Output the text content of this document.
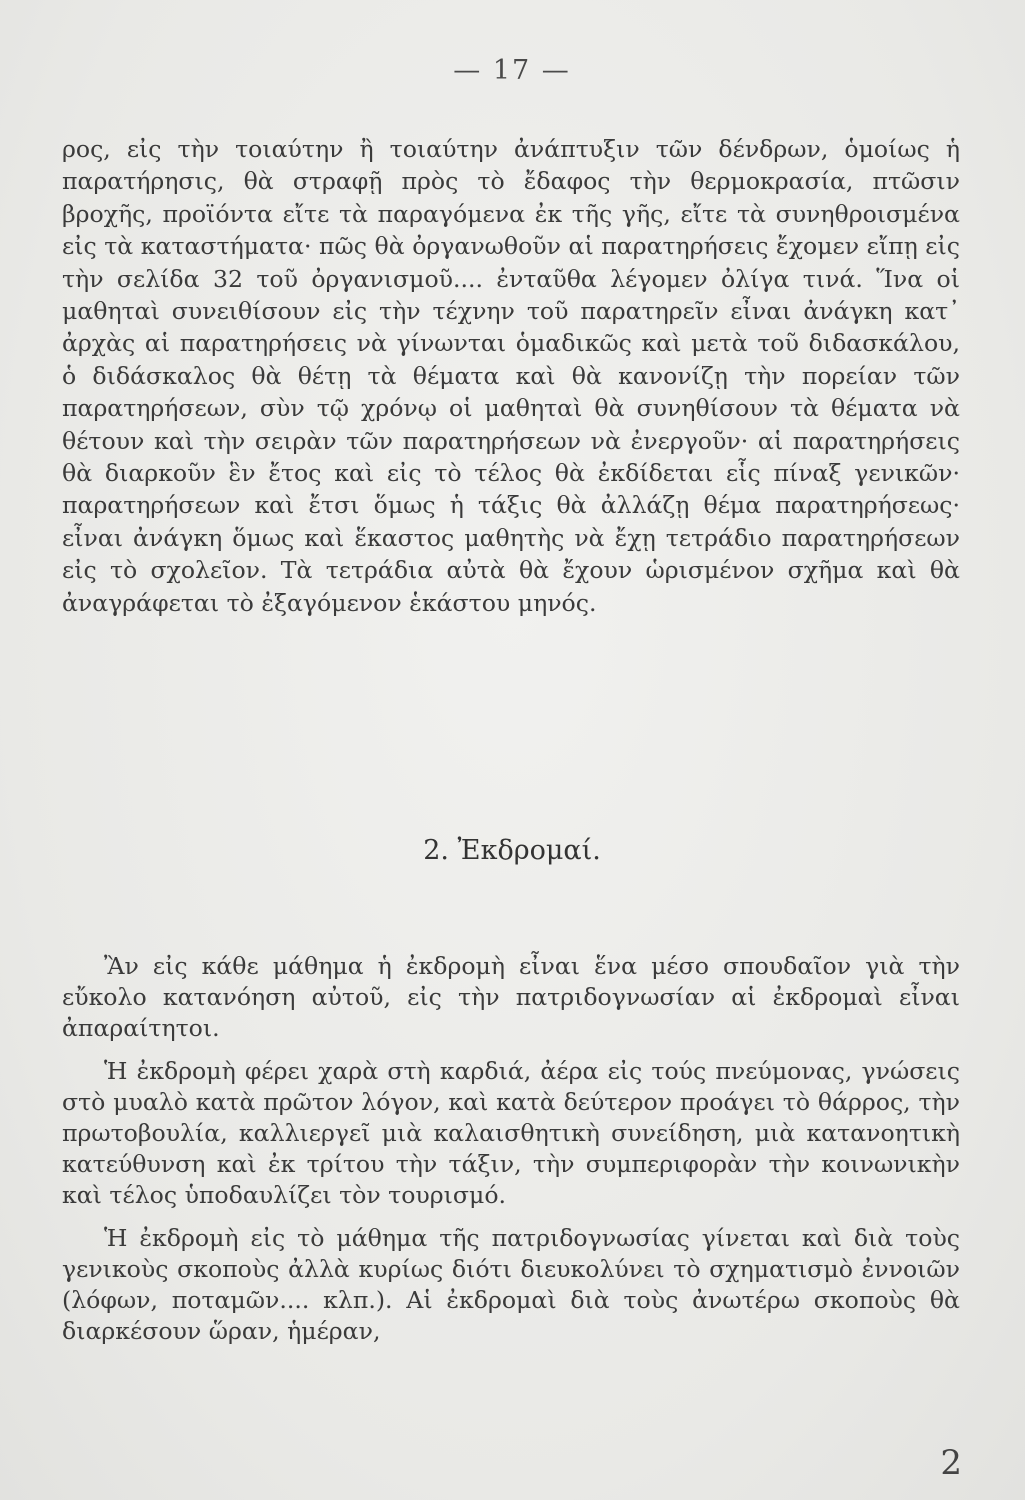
— 17 —

ρος, εἰς τὴν τοιαύτην ἢ τοιαύτην ἀνάπτυξιν τῶν δένδρων, ὁμοίως ἡ παρατήρησις, θὰ στραφῇ πρὸς τὸ ἔδαφος τὴν θερμοκρασία, πτῶσιν βροχῆς, προϊόντα εἴτε τὰ παραγόμενα ἐκ τῆς γῆς, εἴτε τὰ συνηθροισμένα εἰς τὰ καταστήματα· πῶς θὰ ὀργανωθοῦν αἱ παρατηρήσεις ἔχομεν εἴπῃ εἰς τὴν σελίδα 32 τοῦ ὀργανισμοῦ.... ἐνταῦθα λέγομεν ὀλίγα τινά. Ἵνα οἱ μαθηταὶ συνειθίσουν εἰς τὴν τέχνην τοῦ παρατηρεῖν εἶναι ἀνάγκη κατ᾽ ἀρχὰς αἱ παρατηρήσεις νὰ γίνωνται ὁμαδικῶς καὶ μετὰ τοῦ διδασκάλου, ὁ διδάσκαλος θὰ θέτῃ τὰ θέματα καὶ θὰ κανονίζῃ τὴν πορείαν τῶν παρατηρήσεων, σὺν τῷ χρόνῳ οἱ μαθηταὶ θὰ συνηθίσουν τὰ θέματα νὰ θέτουν καὶ τὴν σειρὰν τῶν παρατηρήσεων νὰ ἐνεργοῦν· αἱ παρατηρήσεις θὰ διαρκοῦν ἓν ἔτος καὶ εἰς τὸ τέλος θὰ ἐκδίδεται εἷς πίναξ γενικῶν· παρατηρήσεων καὶ ἔτσι ὅμως ἡ τάξις θὰ ἀλλάζῃ θέμα παρατηρήσεως· εἶναι ἀνάγκη ὅμως καὶ ἕκαστος μαθητὴς νὰ ἔχῃ τετράδιο παρατηρήσεων εἰς τὸ σχολεῖον. Τὰ τετράδια αὐτὰ θὰ ἔχουν ὡρισμένον σχῆμα καὶ θὰ ἀναγράφεται τὸ ἐξαγόμενον ἑκάστου μηνός.

2. Ἐκδρομαί.

Ἂν εἰς κάθε μάθημα ἡ ἐκδρομὴ εἶναι ἕνα μέσο σπουδαῖον γιὰ τὴν εὔκολο κατανόηση αὐτοῦ, εἰς τὴν πατριδογνωσίαν αἱ ἐκδρομαὶ εἶναι ἀπαραίτητοι.

Ἡ ἐκδρομὴ φέρει χαρὰ στὴ καρδιά, ἀέρα εἰς τούς πνεύμονας, γνώσεις στὸ μυαλὸ κατὰ πρῶτον λόγον, καὶ κατὰ δεύτερον προάγει τὸ θάρρος, τὴν πρωτοβουλία, καλλιεργεῖ μιὰ καλαισθητικὴ συνείδηση, μιὰ κατανοητικὴ κατεύθυνση καὶ ἐκ τρίτου τὴν τάξιν, τὴν συμπεριφορὰν τὴν κοινωνικὴν καὶ τέλος ὑποδαυλίζει τὸν τουρισμό.

Ἡ ἐκδρομὴ εἰς τὸ μάθημα τῆς πατριδογνωσίας γίνεται καὶ διὰ τοὺς γενικοὺς σκοποὺς ἀλλὰ κυρίως διότι διευκολύνει τὸ σχηματισμὸ ἐννοιῶν (λόφων, ποταμῶν.... κλπ.). Αἱ ἐκδρομαὶ διὰ τοὺς ἀνωτέρω σκοποὺς θὰ διαρκέσουν ὥραν, ἡμέραν,

2
